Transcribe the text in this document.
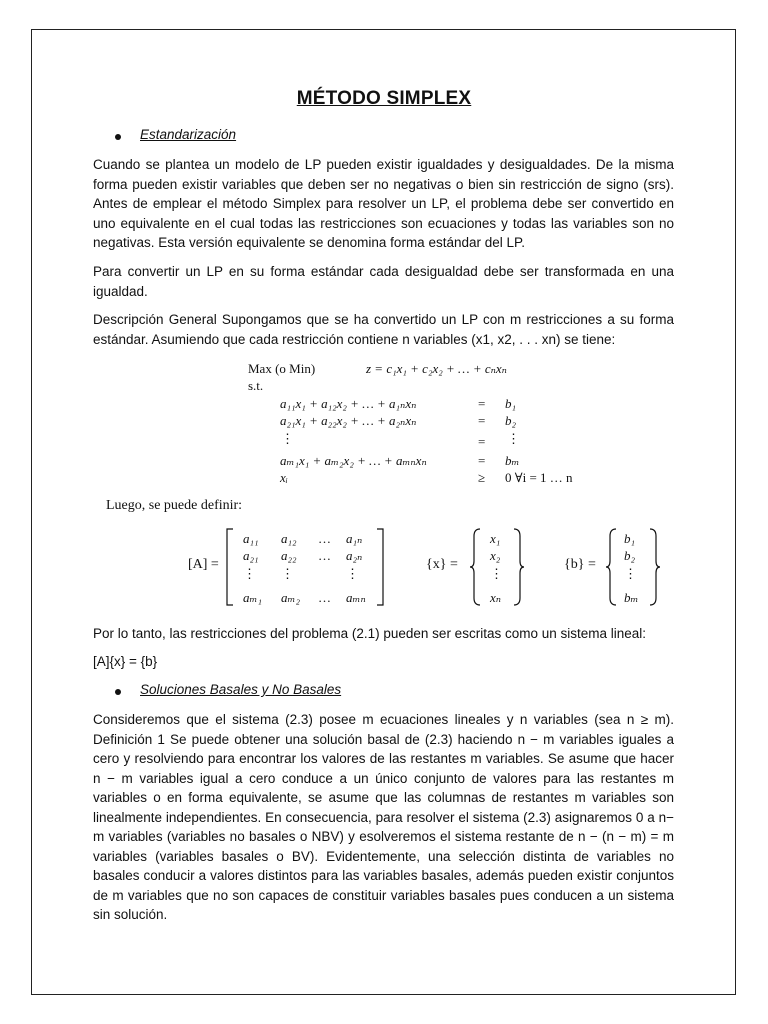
MÉTODO SIMPLEX
Estandarización
Cuando se plantea un modelo de LP pueden existir igualdades y desigualdades. De la misma forma pueden existir variables que deben ser no negativas o bien sin restricción de signo (srs). Antes de emplear el método Simplex para resolver un LP, el problema debe ser convertido en uno equivalente en el cual todas las restricciones son ecuaciones y todas las variables son no negativas. Esta versión equivalente se denomina forma estándar del LP.
Para convertir un LP en su forma estándar cada desigualdad debe ser transformada en una igualdad.
Descripción General Supongamos que se ha convertido un LP con m restricciones a su forma estándar. Asumiendo que cada restricción contiene n variables (x1, x2, . . . xn) se tiene:
Max (o Min)	z = c₁x₁ + c₂x₂ + … + cₙxₙ
s.t.
a₁₁x₁ + a₁₂x₂ + … + a₁ₙxₙ	= b₁
a₂₁x₁ + a₂₂x₂ + … + a₂ₙxₙ	= b₂
⋮	= ⋮
aₘ₁x₁ + aₘ₂x₂ + … + aₘₙxₙ	= bₘ
xᵢ	≥ 0 ∀i = 1 … n
Luego, se puede definir:
[A] =
a₁₁ a₁₂ … a₁ₙ
a₂₁ a₂₂ … a₂ₙ
⋮ ⋮	⋮
aₘ₁ aₘ₂ … aₘₙ
{x} =
x₁
x₂
⋮
xₙ
{b} =
b₁
b₂
⋮
bₘ
Por lo tanto, las restricciones del problema (2.1) pueden ser escritas como un sistema lineal:
[A]{x} = {b}
Soluciones Basales y No Basales
Consideremos que el sistema (2.3) posee m ecuaciones lineales y n variables (sea n ≥ m). Definición 1 Se puede obtener una solución basal de (2.3) haciendo n − m variables iguales a cero y resolviendo para encontrar los valores de las restantes m variables. Se asume que hacer n − m variables igual a cero conduce a un único conjunto de valores para las restantes m variables o en forma equivalente, se asume que las columnas de restantes m variables son linealmente independientes. En consecuencia, para resolver el sistema (2.3) asignaremos 0 a n− m variables (variables no basales o NBV) y esolveremos el sistema restante de n − (n − m) = m variables (variables basales o BV). Evidentemente, una selección distinta de variables no basales conducir a valores distintos para las variables basales, además pueden existir conjuntos de m variables que no son capaces de constituir variables basales pues conducen a un sistema sin solución.
